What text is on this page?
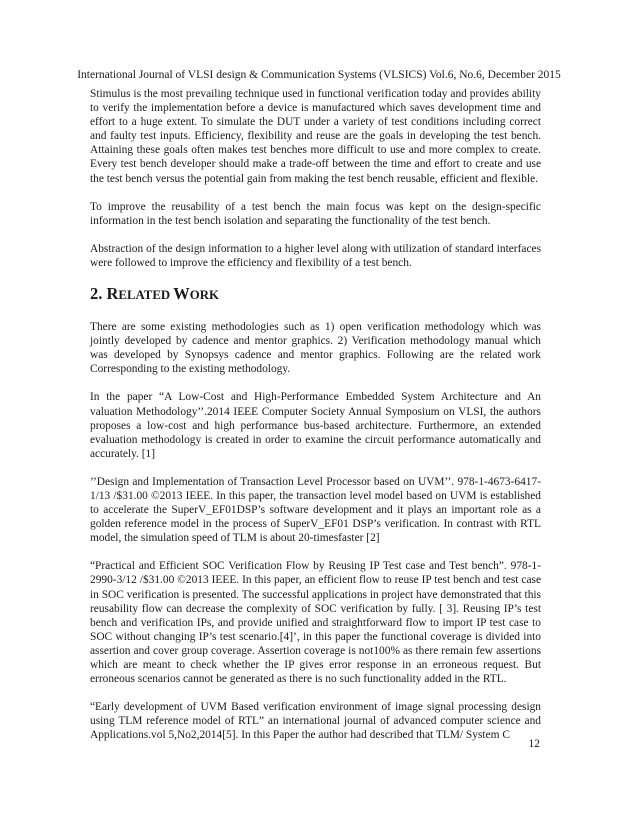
International Journal of VLSI design & Communication Systems (VLSICS) Vol.6, No.6, December 2015

Stimulus is the most prevailing technique used in functional verification today and provides ability to verify the implementation before a device is manufactured which saves development time and effort to a huge extent. To simulate the DUT under a variety of test conditions including correct and faulty test inputs. Efficiency, flexibility and reuse are the goals in developing the test bench. Attaining these goals often makes test benches more difficult to use and more complex to create. Every test bench developer should make a trade-off between the time and effort to create and use the test bench versus the potential gain from making the test bench reusable, efficient and flexible.

To improve the reusability of a test bench the main focus was kept on the design-specific information in the test bench isolation and separating the functionality of the test bench.

Abstraction of the design information to a higher level along with utilization of standard interfaces were followed to improve the efficiency and flexibility of a test bench.

2. RELATED WORK

There are some existing methodologies such as 1) open verification methodology which was jointly developed by cadence and mentor graphics. 2) Verification methodology manual which was developed by Synopsys cadence and mentor graphics. Following are the related work Corresponding to the existing methodology.

In the paper “A Low-Cost and High-Performance Embedded System Architecture and An valuation Methodology’’.2014 IEEE Computer Society Annual Symposium on VLSI, the authors proposes a low-cost and high performance bus-based architecture. Furthermore, an extended evaluation methodology is created in order to examine the circuit performance automatically and accurately. [1]

’’Design and Implementation of Transaction Level Processor based on UVM’’. 978-1-4673-6417-1/13 /$31.00 ©2013 IEEE. In this paper, the transaction level model based on UVM is established to accelerate the SuperV_EF01DSP’s software development and it plays an important role as a golden reference model in the process of SuperV_EF01 DSP’s verification. In contrast with RTL model, the simulation speed of TLM is about 20-timesfaster [2]

“Practical and Efficient SOC Verification Flow by Reusing IP Test case and Test bench”. 978-1-2990-3/12 /$31.00 ©2013 IEEE. In this paper, an efficient flow to reuse IP test bench and test case in SOC verification is presented. The successful applications in project have demonstrated that this reusability flow can decrease the complexity of SOC verification by fully. [ 3]. Reusing IP’s test bench and verification IPs, and provide unified and straightforward flow to import IP test case to SOC without changing IP’s test scenario.[4]’, in this paper the functional coverage is divided into assertion and cover group coverage. Assertion coverage is not100% as there remain few assertions which are meant to check whether the IP gives error response in an erroneous request. But erroneous scenarios cannot be generated as there is no such functionality added in the RTL.

“Early development of UVM Based verification environment of image signal processing design using TLM reference model of RTL” an international journal of advanced computer science and Applications.vol 5,No2,2014[5]. In this Paper the author had described that TLM/ System C

12
